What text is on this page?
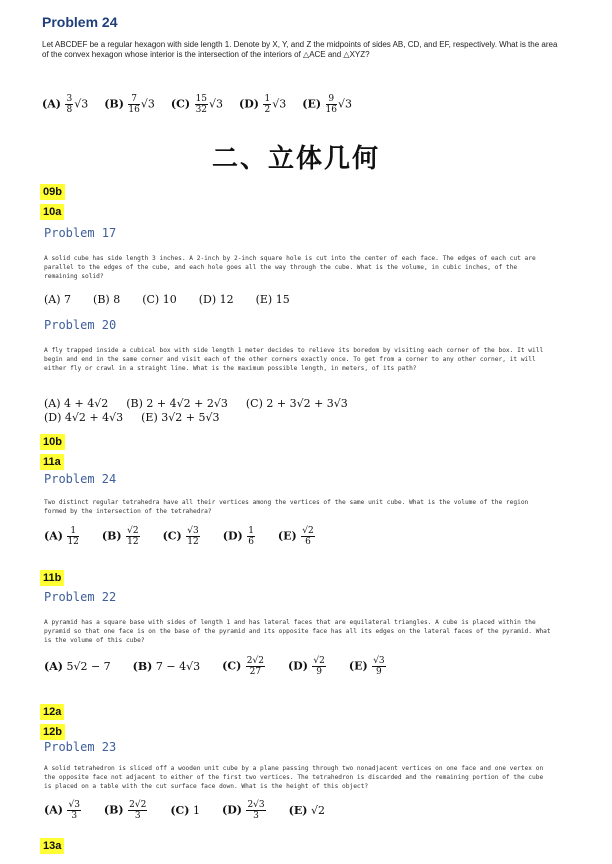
Problem 24
Let ABCDEF be a regular hexagon with side length 1. Denote by X, Y, and Z the midpoints of sides AB, CD, and EF, respectively. What is the area of the convex hexagon whose interior is the intersection of the interiors of △ACE and △XYZ?
$(A) \frac{3}{8} √3$ $(B) \frac{7}{16} √3$ $(C) \frac{15}{32} √3$ $(D) \frac{1}{2} √3$ $(E) \frac{9}{16} √3$
二、立体几何
09b
10a
Problem 17
A solid cube has side length 3 inches. A 2-inch by 2-inch square hole is cut into the center of each face. The edges of each cut are parallel to the edges of the cube, and each hole goes all the way through the cube. What is the volume, in cubic inches, of the remaining solid?
(A) 7 (B) 8 (C) 10 (D) 12 (E) 15
Problem 20
A fly trapped inside a cubical box with side length 1 meter decides to relieve its boredom by visiting each corner of the box. It will begin and end in the same corner and visit each of the other corners exactly once. To get from a corner to any other corner, it will either fly or crawl in a straight line. What is the maximum possible length, in meters, of its path?
(A) 4 + 4√2 (B) 2 + 4√2 + 2√3 (C) 2 + 3√2 + 3√3
(D) 4√2 + 4√3 (E) 3√2 + 5√3
10b
11a
Problem 24
Two distinct regular tetrahedra have all their vertices among the vertices of the same unit cube. What is the volume of the region formed by the intersection of the tetrahedra?
$(A) \frac{1}{12} (B) \frac{√2}{12} (C) \frac{√3}{12} (D) \frac{1}{6} (E) \frac{√2}{6}$
11b
Problem 22
A pyramid has a square base with sides of length 1 and has lateral faces that are equilateral triangles. A cube is placed within the pyramid so that one face is on the base of the pyramid and its opposite face has all its edges on the lateral faces of the pyramid. What is the volume of this cube?
(A) 5√2 − 7 (B) 7 − 4√3 $(C) \frac{2√2}{27} (D) \frac{√2}{9} (E) \frac{√3}{9}$
12a
12b
Problem 23
A solid tetrahedron is sliced off a wooden unit cube by a plane passing through two nonadjacent vertices on one face and one vertex on the opposite face not adjacent to either of the first two vertices. The tetrahedron is discarded and the remaining portion of the cube is placed on a table with the cut surface face down. What is the height of this object?
$(A) \frac{√3}{3} (B) \frac{2√2}{3} (C)$ 1 $(D) \frac{2√3}{3} (E)$ √2
13a
